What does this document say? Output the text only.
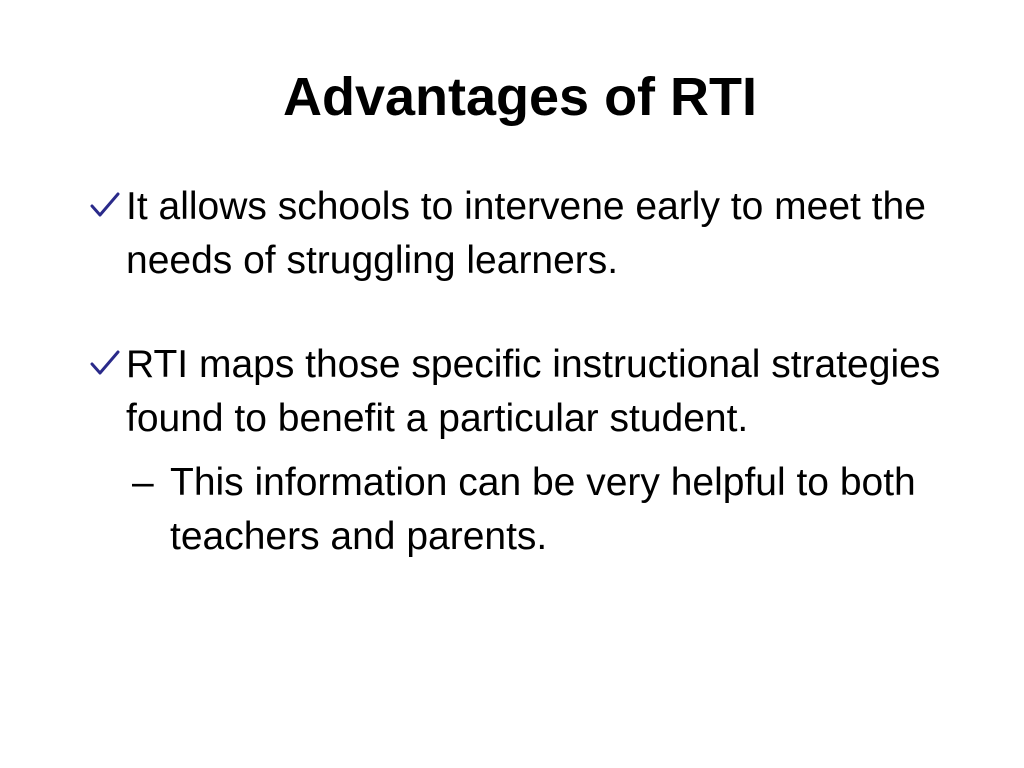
Advantages of RTI
It allows schools to intervene early to meet the needs of struggling learners.
RTI maps those specific instructional strategies found to benefit a particular student.
– This information can be very helpful to both teachers and parents.
